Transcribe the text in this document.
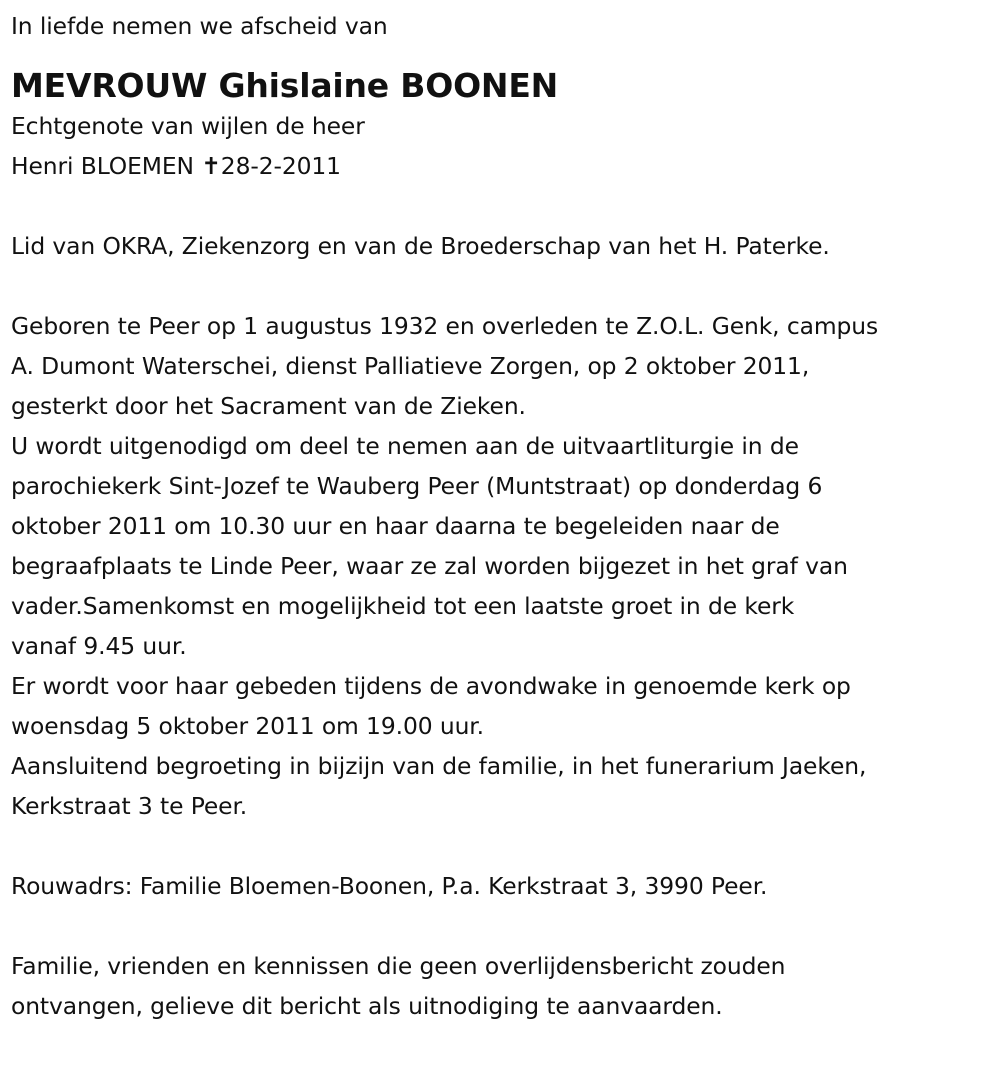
In liefde nemen we afscheid van
MEVROUW Ghislaine BOONEN
Echtgenote van wijlen de heer
Henri BLOEMEN ✝28-2-2011
Lid van OKRA, Ziekenzorg en van de Broederschap van het H. Paterke.
Geboren te Peer op 1 augustus 1932 en overleden te Z.O.L. Genk, campus
A. Dumont Waterschei, dienst Palliatieve Zorgen, op 2 oktober 2011,
gesterkt door het Sacrament van de Zieken.
U wordt uitgenodigd om deel te nemen aan de uitvaartliturgie in de
parochiekerk Sint-Jozef te Wauberg Peer (Muntstraat) op donderdag 6
oktober 2011 om 10.30 uur en haar daarna te begeleiden naar de
begraafplaats te Linde Peer, waar ze zal worden bijgezet in het graf van
vader.Samenkomst en mogelijkheid tot een laatste groet in de kerk
vanaf 9.45 uur.
Er wordt voor haar gebeden tijdens de avondwake in genoemde kerk op
woensdag 5 oktober 2011 om 19.00 uur.
Aansluitend begroeting in bijzijn van de familie, in het funerarium Jaeken,
Kerkstraat 3 te Peer.
Rouwadrs: Familie Bloemen-Boonen, P.a. Kerkstraat 3, 3990 Peer.
Familie, vrienden en kennissen die geen overlijdensbericht zouden
ontvangen, gelieve dit bericht als uitnodiging te aanvaarden.
